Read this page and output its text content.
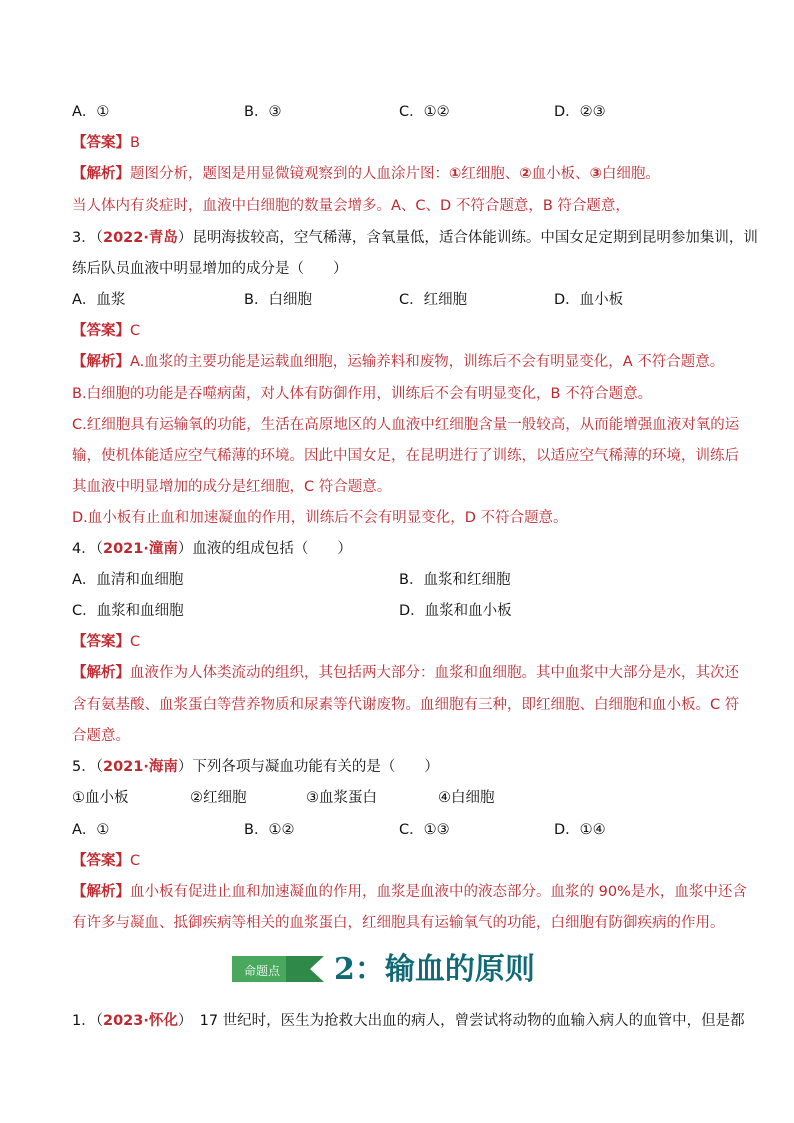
A．①	B．③	C．①②	D．②③
【答案】B
【解析】题图分析，题图是用显微镜观察到的人血涂片图：①红细胞、②血小板、③白细胞。
当人体内有炎症时，血液中白细胞的数量会增多。A、C、D 不符合题意，B 符合题意，
3．（2022·青岛）昆明海拔较高，空气稀薄，含氧量低，适合体能训练。中国女足定期到昆明参加集训，训
练后队员血液中明显增加的成分是（　　）
A．血浆	B．白细胞	C．红细胞	D．血小板
【答案】C
【解析】A.血浆的主要功能是运载血细胞，运输养料和废物，训练后不会有明显变化，A 不符合题意。
B.白细胞的功能是吞噬病菌，对人体有防御作用，训练后不会有明显变化，B 不符合题意。
C.红细胞具有运输氧的功能，生活在高原地区的人血液中红细胞含量一般较高，从而能增强血液对氧的运
输，使机体能适应空气稀薄的环境。因此中国女足，在昆明进行了训练，以适应空气稀薄的环境，训练后
其血液中明显增加的成分是红细胞，C 符合题意。
D.血小板有止血和加速凝血的作用，训练后不会有明显变化，D 不符合题意。
4．（2021·潼南）血液的组成包括（　　）
A．血清和血细胞	B．血浆和红细胞
C．血浆和血细胞	D．血浆和血小板
【答案】C
【解析】血液作为人体类流动的组织，其包括两大部分：血浆和血细胞。其中血浆中大部分是水，其次还
含有氨基酸、血浆蛋白等营养物质和尿素等代谢废物。血细胞有三种，即红细胞、白细胞和血小板。C 符
合题意。
5．（2021·海南）下列各项与凝血功能有关的是（　　）
①血小板	②红细胞	③血浆蛋白	④白细胞
A．①	B．①②	C．①③	D．①④
【答案】C
【解析】血小板有促进止血和加速凝血的作用，血浆是血液中的液态部分。血浆的 90%是水，血浆中还含
有许多与凝血、抵御疾病等相关的血浆蛋白，红细胞具有运输氧气的功能，白细胞有防御疾病的作用。
命题点 2：输血的原则
1．（2023·怀化）　17 世纪时，医生为抢救大出血的病人，曾尝试将动物的血输入病人的血管中，但是都
